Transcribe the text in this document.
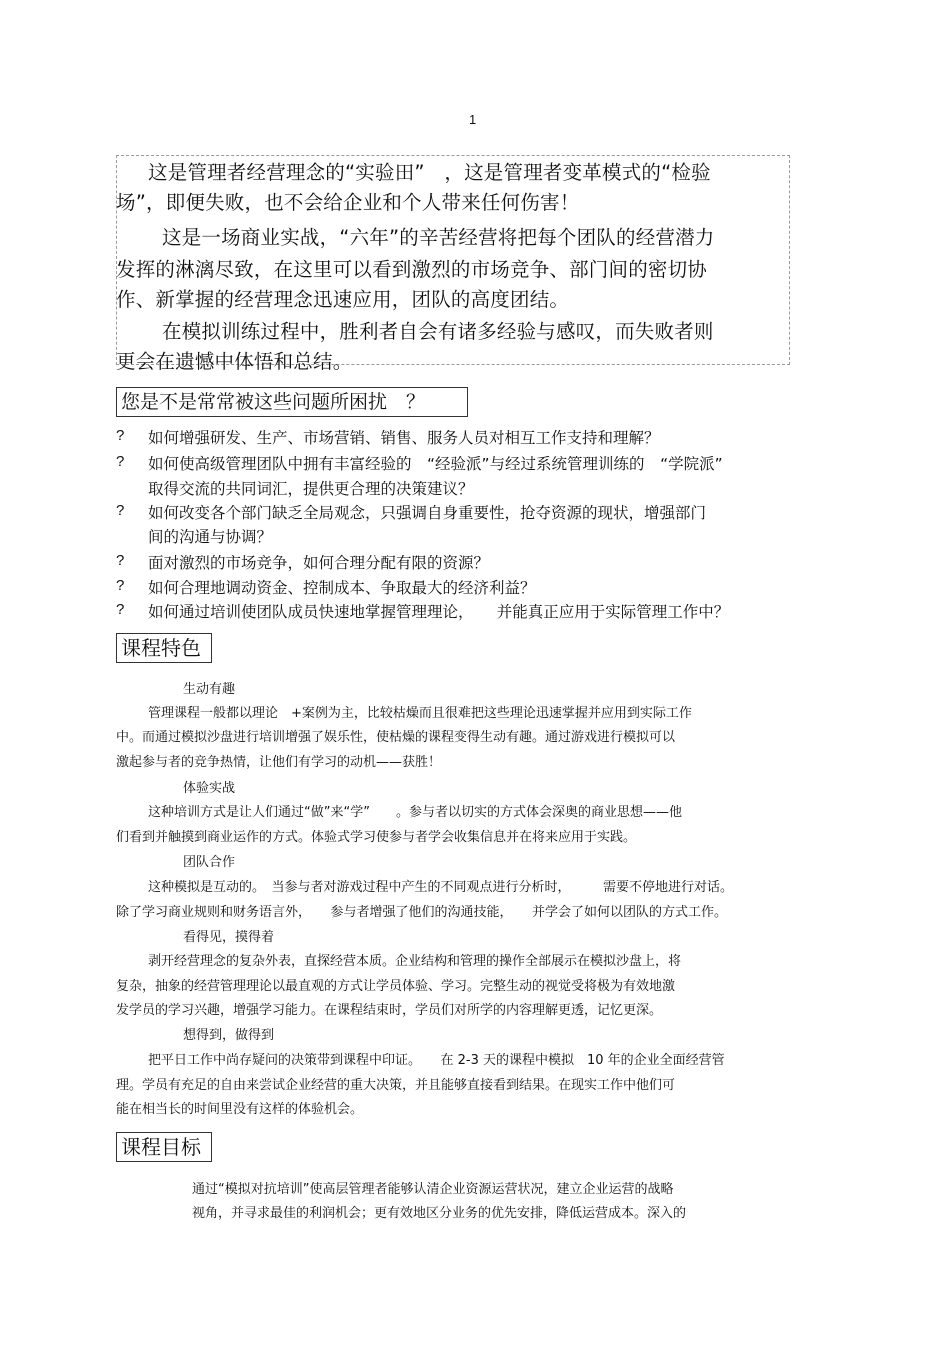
1
这是管理者经营理念的“实验田”　，这是管理者变革模式的“检验
场”，即便失败，也不会给企业和个人带来任何伤害！
这是一场商业实战，“六年”的辛苦经营将把每个团队的经营潜力
发挥的淋漓尽致，在这里可以看到激烈的市场竞争、部门间的密切协
作、新掌握的经营理念迅速应用，团队的高度团结。
在模拟训练过程中，胜利者自会有诸多经验与感叹，而失败者则
更会在遗憾中体悟和总结。
您是不是常常被这些问题所困扰　？
? 如何增强研发、生产、市场营销、销售、服务人员对相互工作支持和理解？
? 如何使高级管理团队中拥有丰富经验的　“经验派”与经过系统管理训练的　“学院派”
取得交流的共同词汇，提供更合理的决策建议？
? 如何改变各个部门缺乏全局观念，只强调自身重要性，抢夺资源的现状，增强部门
间的沟通与协调？
? 面对激烈的市场竞争，如何合理分配有限的资源？
? 如何合理地调动资金、控制成本、争取最大的经济利益？
? 如何通过培训使团队成员快速地掌握管理理论，　　并能真正应用于实际管理工作中？
课程特色
生动有趣
管理课程一般都以理论　+案例为主，比较枯燥而且很难把这些理论迅速掌握并应用到实际工作
中。而通过模拟沙盘进行培训增强了娱乐性，使枯燥的课程变得生动有趣。通过游戏进行模拟可以
激起参与者的竞争热情，让他们有学习的动机——获胜！
体验实战
这种培训方式是让人们通过“做”来“学”　　。参与者以切实的方式体会深奥的商业思想——他
们看到并触摸到商业运作的方式。体验式学习使参与者学会收集信息并在将来应用于实践。
团队合作
这种模拟是互动的。　当参与者对游戏过程中产生的不同观点进行分析时，　　　需要不停地进行对话。
除了学习商业规则和财务语言外，　　参与者增强了他们的沟通技能，　　并学会了如何以团队的方式工作。
看得见，摸得着
剥开经营理念的复杂外表，直探经营本质。企业结构和管理的操作全部展示在模拟沙盘上，将
复杂，抽象的经营管理理论以最直观的方式让学员体验、学习。完整生动的视觉受将极为有效地激
发学员的学习兴趣，增强学习能力。在课程结束时，学员们对所学的内容理解更透，记忆更深。
想得到，做得到
把平日工作中尚存疑问的决策带到课程中印证。　　在 2-3 天的课程中模拟　10 年的企业全面经营管
理。学员有充足的自由来尝试企业经营的重大决策，并且能够直接看到结果。在现实工作中他们可
能在相当长的时间里没有这样的体验机会。
课程目标
通过“模拟对抗培训”使高层管理者能够认清企业资源运营状况，建立企业运营的战略
视角，并寻求最佳的利润机会；更有效地区分业务的优先安排，降低运营成本。深入的
